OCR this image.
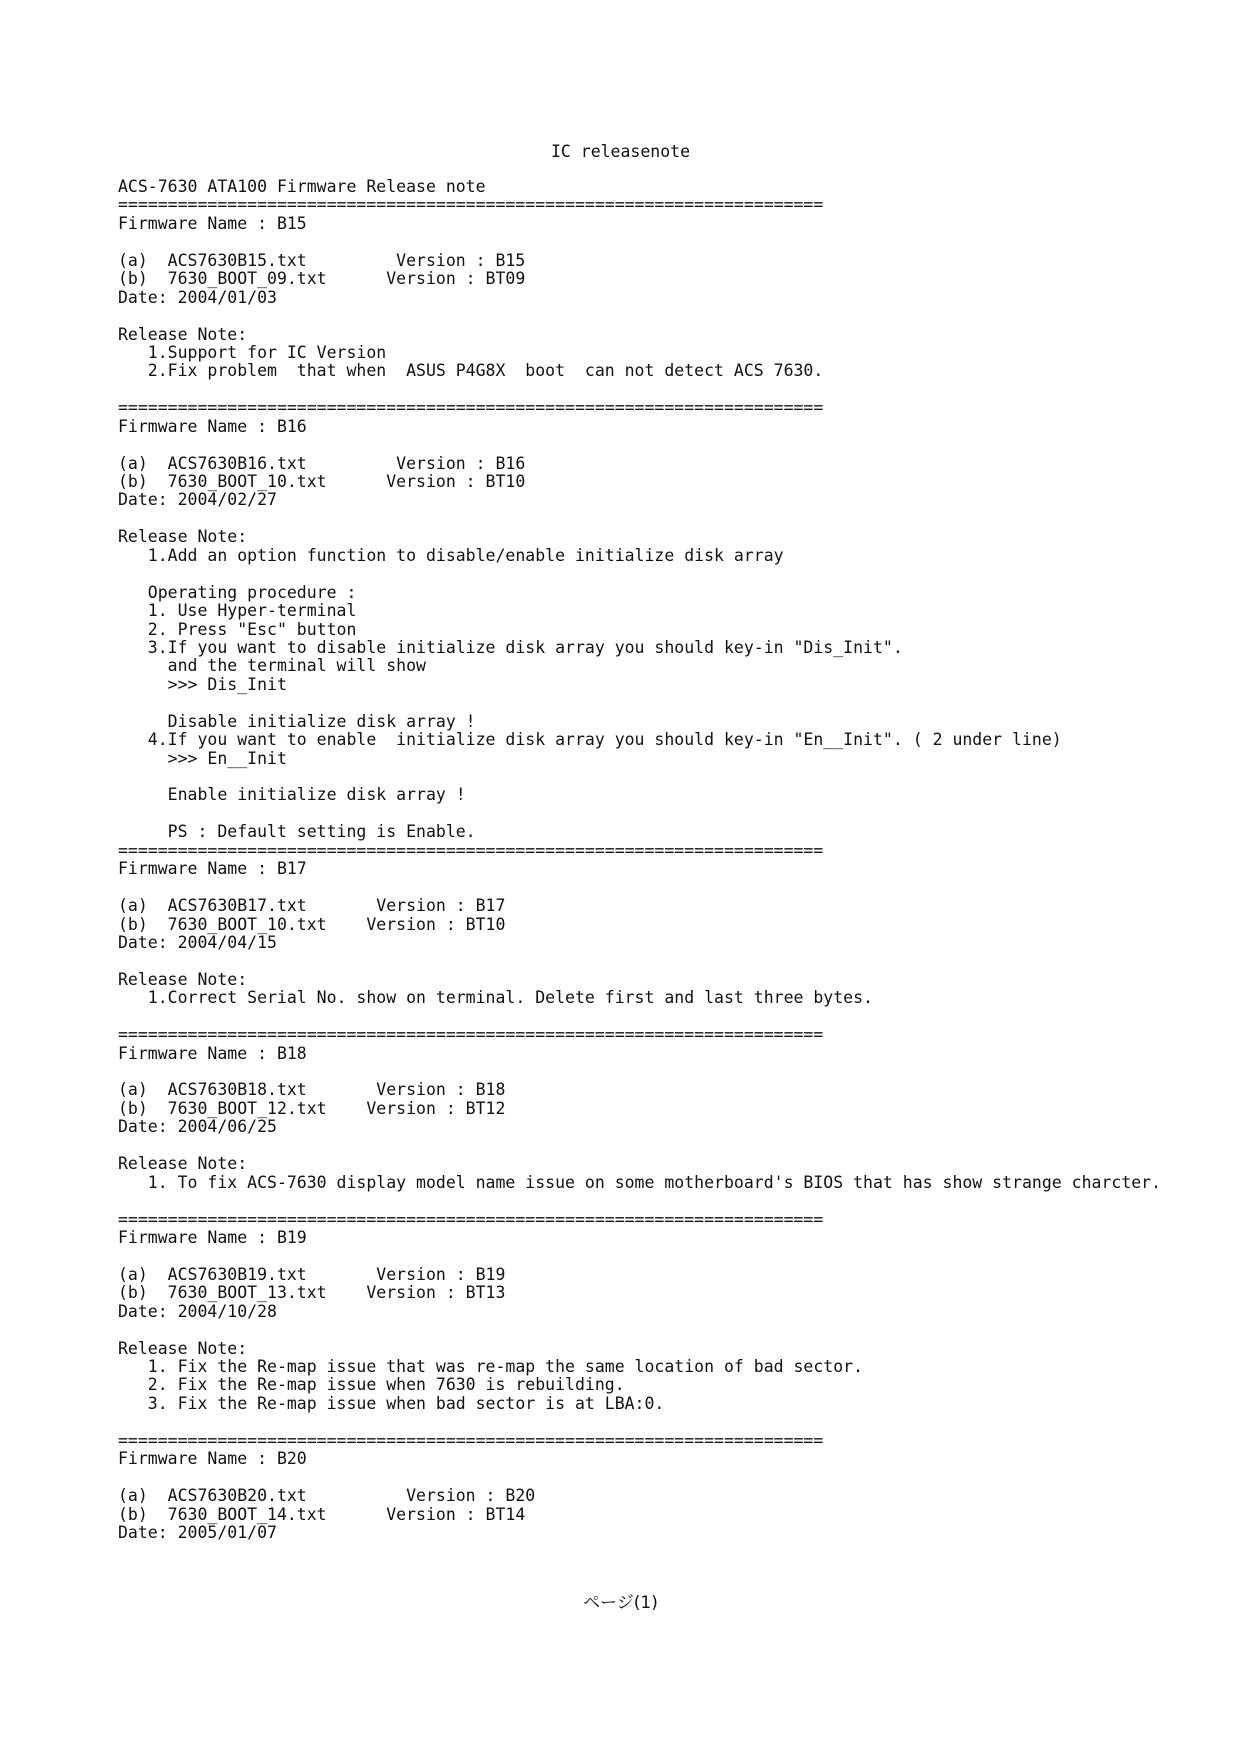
IC releasenote
ACS-7630 ATA100 Firmware Release note
=======================================================================
Firmware Name : B15
(a)  ACS7630B15.txt         Version : B15
(b)  7630_BOOT_09.txt      Version : BT09
Date: 2004/01/03
Release Note:
1.Support for IC Version
2.Fix problem  that when  ASUS P4G8X  boot  can not detect ACS 7630.
=======================================================================
Firmware Name : B16
(a)  ACS7630B16.txt         Version : B16
(b)  7630_BOOT_10.txt      Version : BT10
Date: 2004/02/27
Release Note:
1.Add an option function to disable/enable initialize disk array
Operating procedure :
1. Use Hyper-terminal
2. Press "Esc" button
3.If you want to disable initialize disk array you should key-in "Dis_Init".
and the terminal will show
>>> Dis_Init
Disable initialize disk array !
4.If you want to enable  initialize disk array you should key-in "En__Init". ( 2 under line)
>>> En__Init
Enable initialize disk array !
PS : Default setting is Enable.
=======================================================================
Firmware Name : B17
(a)  ACS7630B17.txt       Version : B17
(b)  7630_BOOT_10.txt    Version : BT10
Date: 2004/04/15
Release Note:
1.Correct Serial No. show on terminal. Delete first and last three bytes.
=======================================================================
Firmware Name : B18
(a)  ACS7630B18.txt       Version : B18
(b)  7630_BOOT_12.txt    Version : BT12
Date: 2004/06/25
Release Note:
1. To fix ACS-7630 display model name issue on some motherboard's BIOS that has show strange charcter.
=======================================================================
Firmware Name : B19
(a)  ACS7630B19.txt       Version : B19
(b)  7630_BOOT_13.txt    Version : BT13
Date: 2004/10/28
Release Note:
1. Fix the Re-map issue that was re-map the same location of bad sector.
2. Fix the Re-map issue when 7630 is rebuilding.
3. Fix the Re-map issue when bad sector is at LBA:0.
=======================================================================
Firmware Name : B20
(a)  ACS7630B20.txt          Version : B20
(b)  7630_BOOT_14.txt      Version : BT14
Date: 2005/01/07
ページ(1)
